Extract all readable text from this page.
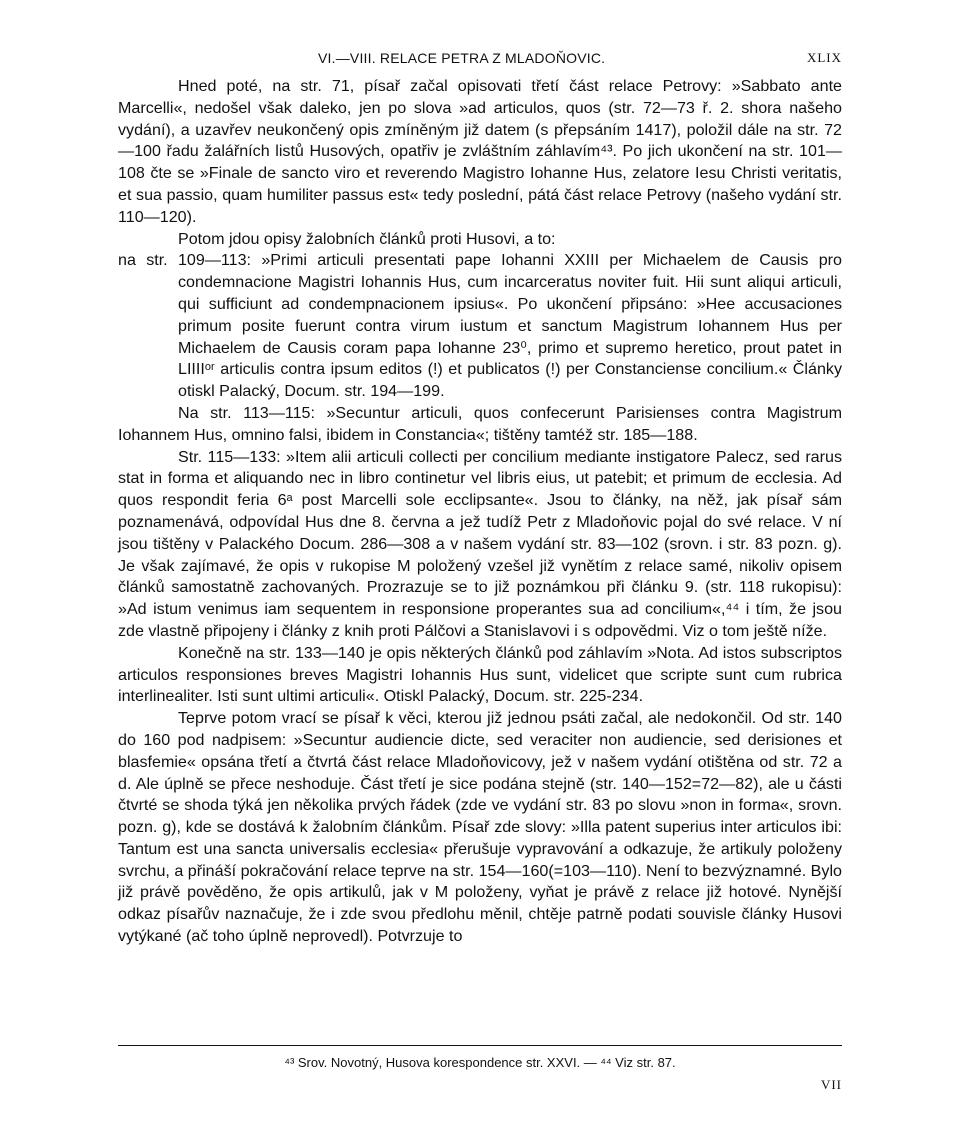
VI.—VIII. RELACE PETRA Z MLADOŇOVIC.	XLIX

Hned poté, na str. 71, písař začal opisovati třetí část relace Petrovy: »Sabbato ante Marcelli«, nedošel však daleko, jen po slova »ad articulos, quos (str. 72—73 ř. 2. shora našeho vydání), a uzavřev neukončený opis zmíněným již datem (s přepsáním 1417), položil dále na str. 72—100 řadu žalářních listů Husových, opatřiv je zvláštním záhlavím⁴³. Po jich ukončení na str. 101—108 čte se »Finale de sancto viro et reverendo Magistro Iohanne Hus, zelatore Iesu Christi veritatis, et sua passio, quam humiliter passus est« tedy poslední, pátá část relace Petrovy (našeho vydání str. 110—120).

Potom jdou opisy žalobních článků proti Husovi, a to:

na str. 109—113: »Primi articuli presentati pape Iohanni XXIII per Michaelem de Causis pro condemnacione Magistri Iohannis Hus, cum incarceratus noviter fuit. Hii sunt aliqui articuli, qui sufficiunt ad condempnacionem ipsius«. Po ukončení připsáno: »Hee accusaciones primum posite fuerunt contra virum iustum et sanctum Magistrum Iohannem Hus per Michaelem de Causis coram papa Iohanne 23⁰, primo et supremo heretico, prout patet in LIIIIᵒʳ articulis contra ipsum editos (!) et publicatos (!) per Constanciense concilium.« Články otiskl Palacký, Docum. str. 194—199.

Na str. 113—115: »Secuntur articuli, quos confecerunt Parisienses contra Magistrum Iohannem Hus, omnino falsi, ibidem in Constancia«; tištěny tamtéž str. 185—188.

Str. 115—133: »Item alii articuli collecti per concilium mediante instigatore Palecz, sed rarus stat in forma et aliquando nec in libro continetur vel libris eius, ut patebit; et primum de ecclesia. Ad quos respondit feria 6ᵃ post Marcelli sole ecclipsante«. Jsou to články, na něž, jak písař sám poznamenává, odpovídal Hus dne 8. června a jež tudíž Petr z Mladoňovic pojal do své relace. V ní jsou tištěny v Palackého Docum. 286—308 a v našem vydání str. 83—102 (srovn. i str. 83 pozn. g). Je však zajímavé, že opis v rukopise M položený vzešel již vynětím z relace samé, nikoliv opisem článků samostatně zachovaných. Prozrazuje se to již poznámkou při článku 9. (str. 118 rukopisu): »Ad istum venimus iam sequentem in responsione properantes sua ad concilium«,⁴⁴ i tím, že jsou zde vlastně připojeny i články z knih proti Pálčovi a Stanislavovi i s odpovědmi. Viz o tom ještě níže.

Konečně na str. 133—140 je opis některých článků pod záhlavím »Nota. Ad istos subscriptos articulos responsiones breves Magistri Iohannis Hus sunt, videlicet que scripte sunt cum rubrica interlinealiter. Isti sunt ultimi articuli«. Otiskl Palacký, Docum. str. 225-234.

Teprve potom vrací se písař k věci, kterou již jednou psáti začal, ale nedokončil. Od str. 140 do 160 pod nadpisem: »Secuntur audiencie dicte, sed veraciter non audiencie, sed derisiones et blasfemie« opsána třetí a čtvrtá část relace Mladoňovicovy, jež v našem vydání otištěna od str. 72 a d. Ale úplně se přece neshoduje. Část třetí je sice podána stejně (str. 140—152=72—82), ale u části čtvrté se shoda týká jen několika prvých řádek (zde ve vydání str. 83 po slovu »non in forma«, srovn. pozn. g), kde se dostává k žalobním článkům. Písař zde slovy: »Illa patent superius inter articulos ibi: Tantum est una sancta universalis ecclesia« přerušuje vypravování a odkazuje, že artikuly položeny svrchu, a přináší pokračování relace teprve na str. 154—160(=103—110). Není to bezvýznamné. Bylo již právě pověděno, že opis artikulů, jak v M položeny, vyňat je právě z relace již hotové. Nynější odkaz písařův naznačuje, že i zde svou předlohu měnil, chtěje patrně podati souvisle články Husovi vytýkané (ač toho úplně neprovedl). Potvrzuje to

⁴³ Srov. Novotný, Husova korespondence str. XXVI. — ⁴⁴ Viz str. 87.
VII
